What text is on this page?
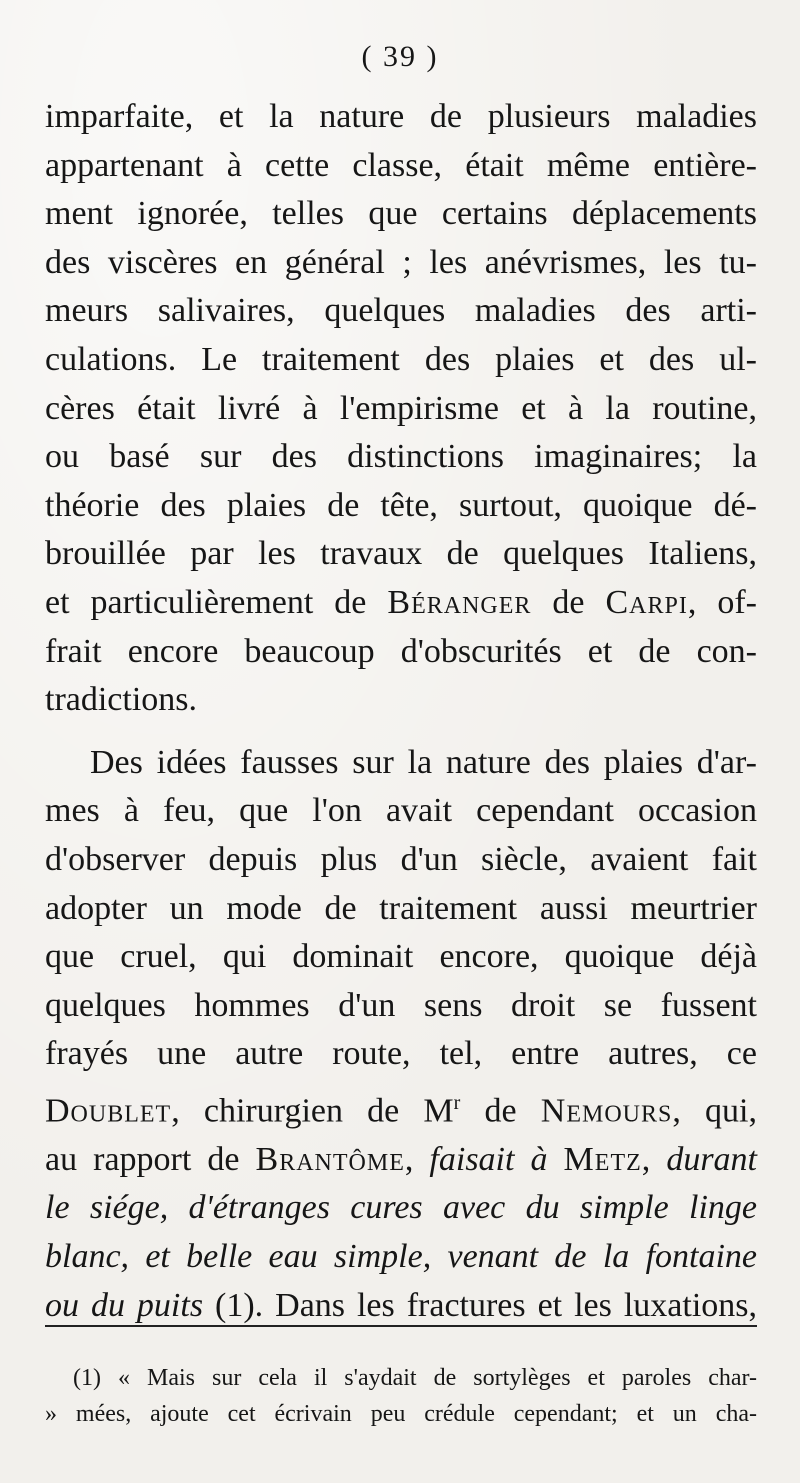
( 39 )
imparfaite, et la nature de plusieurs maladies
appartenant à cette classe, était même entière-
ment ignorée, telles que certains déplacements
des viscères en général ; les anévrismes, les tu-
meurs salivaires, quelques maladies des arti-
culations. Le traitement des plaies et des ul-
cères était livré à l'empirisme et à la routine,
ou basé sur des distinctions imaginaires; la
théorie des plaies de tête, surtout, quoique dé-
brouillée par les travaux de quelques Italiens,
et particulièrement de Béranger de Carpi, of-
frait encore beaucoup d'obscurités et de con-
tradictions.
Des idées fausses sur la nature des plaies d'ar-
mes à feu, que l'on avait cependant occasion
d'observer depuis plus d'un siècle, avaient fait
adopter un mode de traitement aussi meurtrier
que cruel, qui dominait encore, quoique déjà
quelques hommes d'un sens droit se fussent
frayés une autre route, tel, entre autres, ce
Doublet, chirurgien de $M^r$ de Nemours, qui,
au rapport de Brantôme, faisait à Metz, durant
le siége, d'étranges cures avec du simple linge
blanc, et belle eau simple, venant de la fontaine
ou du puits (1). Dans les fractures et les luxations,
(1) « Mais sur cela il s'aydait de sortylèges et paroles char-
» mées, ajoute cet écrivain peu crédule cependant; et un cha-
